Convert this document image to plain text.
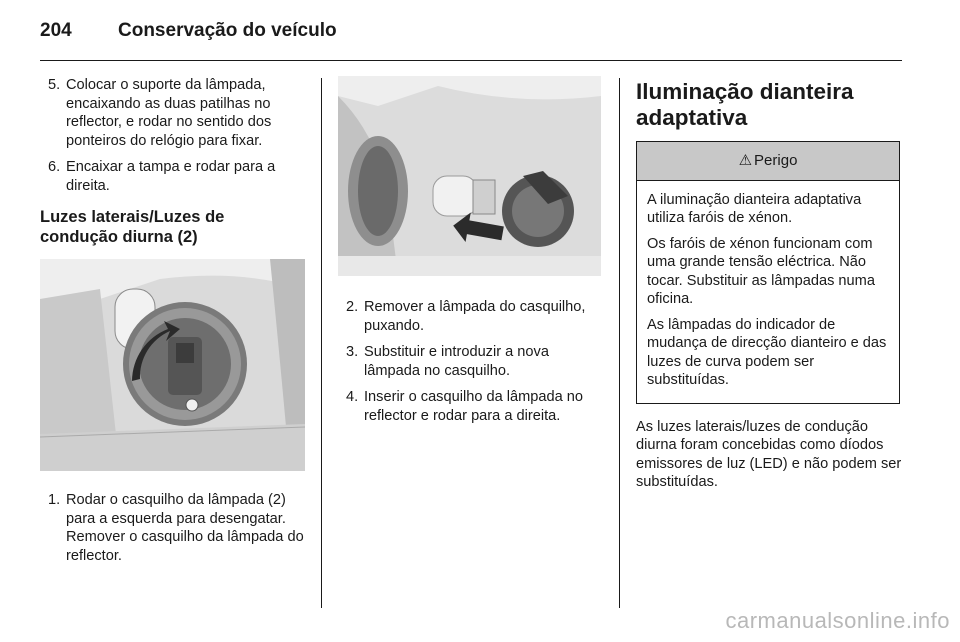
204 Conservação do veículo
5. Colocar o suporte da lâmpada, encaixando as duas patilhas no reflector, e rodar no sentido dos ponteiros do relógio para fixar.
6. Encaixar a tampa e rodar para a direita.
Luzes laterais/Luzes de condução diurna (2)
1. Rodar o casquilho da lâmpada (2) para a esquerda para desengatar. Remover o casquilho da lâmpada do reflector.
2. Remover a lâmpada do casquilho, puxando.
3. Substituir e introduzir a nova lâmpada no casquilho.
4. Inserir o casquilho da lâmpada no reflector e rodar para a direita.
Iluminação dianteira adaptativa
⚠ Perigo

A iluminação dianteira adaptativa utiliza faróis de xénon.

Os faróis de xénon funcionam com uma grande tensão eléctrica. Não tocar. Substituir as lâmpadas numa oficina.

As lâmpadas do indicador de mudança de direcção dianteiro e das luzes de curva podem ser substituídas.

As luzes laterais/luzes de condução diurna foram concebidas como díodos emissores de luz (LED) e não podem ser substituídas.

carmanualsonline.info
